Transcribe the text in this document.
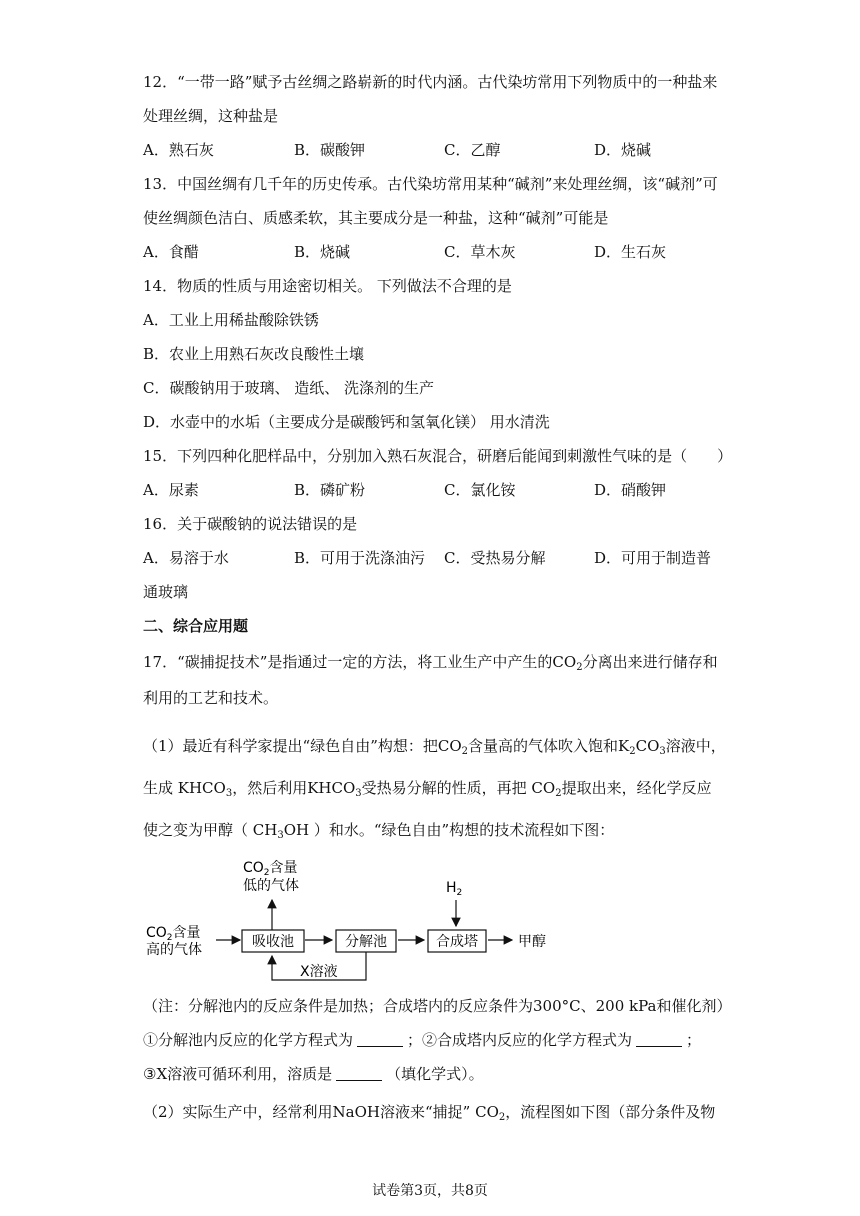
12．“一带一路”赋予古丝绸之路崭新的时代内涵。古代染坊常用下列物质中的一种盐来
处理丝绸，这种盐是
A．熟石灰	B．碳酸钾	C．乙醇	D．烧碱
13．中国丝绸有几千年的历史传承。古代染坊常用某种“碱剂”来处理丝绸，该“碱剂”可
使丝绸颜色洁白、质感柔软，其主要成分是一种盐，这种“碱剂”可能是
A．食醋	B．烧碱	C．草木灰	D．生石灰
14．物质的性质与用途密切相关。 下列做法不合理的是
A．工业上用稀盐酸除铁锈
B．农业上用熟石灰改良酸性土壤
C．碳酸钠用于玻璃、 造纸、 洗涤剂的生产
D．水壶中的水垢（主要成分是碳酸钙和氢氧化镁） 用水清洗
15．下列四种化肥样品中，分别加入熟石灰混合，研磨后能闻到刺激性气味的是（　　）
A．尿素	B．磷矿粉	C．氯化铵	D．硝酸钾
16．关于碳酸钠的说法错误的是
A．易溶于水	B．可用于洗涤油污 C．受热易分解	D．可用于制造普
通玻璃
二、综合应用题
17．“碳捕捉技术”是指通过一定的方法，将工业生产中产生的$CO_2$分离出来进行储存和
利用的工艺和技术。
（1）最近有科学家提出“绿色自由”构想：把$CO_2$含量高的气体吹入饱和$K_2CO_3$溶液中，
生成 $KHCO_3$，然后利用$KHCO_3$受热易分解的性质，再把 $CO_2$提取出来，经化学反应
使之变为甲醇（ $CH_3OH$ ）和水。“绿色自由”构想的技术流程如下图：
$CO_2$含量
高的气体
$CO_2$含量
低的气体
吸收池	分解池	合成塔
$H_2$
甲醇
X溶液
（注：分解池内的反应条件是加热；合成塔内的反应条件为300°C、200 kPa和催化剂）
①分解池内反应的化学方程式为	；②合成塔内反应的化学方程式为	；
③X溶液可循环利用，溶质是	（填化学式）。
（2）实际生产中，经常利用NaOH溶液来“捕捉” $CO_2$，流程图如下图（部分条件及物
试卷第3页，共8页
